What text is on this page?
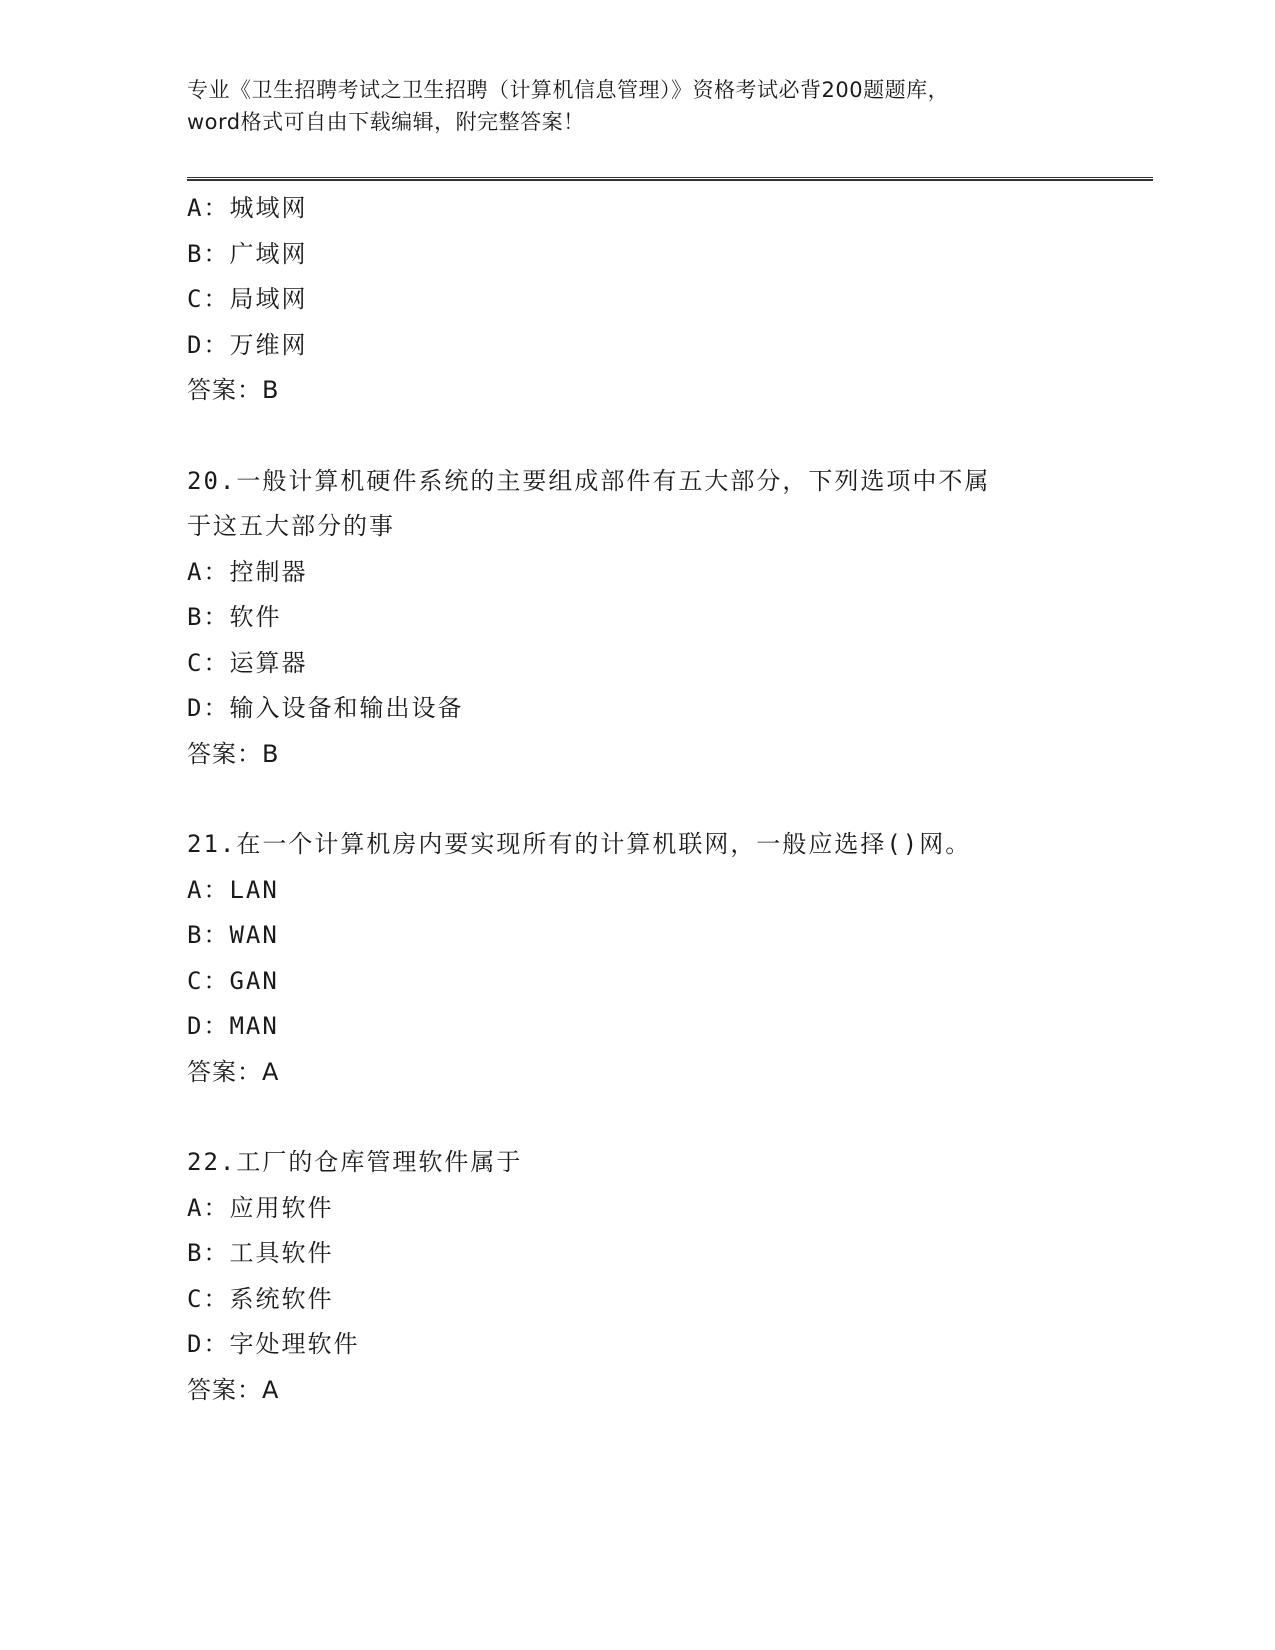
专业《卫生招聘考试之卫生招聘（计算机信息管理）》资格考试必背200题题库，
word格式可自由下载编辑，附完整答案！
A：城域网
B：广域网
C：局域网
D：万维网
答案：B
20.一般计算机硬件系统的主要组成部件有五大部分，下列选项中不属
于这五大部分的事
A：控制器
B：软件
C：运算器
D：输入设备和输出设备
答案：B
21.在一个计算机房内要实现所有的计算机联网，一般应选择()网。
A：LAN
B：WAN
C：GAN
D：MAN
答案：A
22.工厂的仓库管理软件属于
A：应用软件
B：工具软件
C：系统软件
D：字处理软件
答案：A
